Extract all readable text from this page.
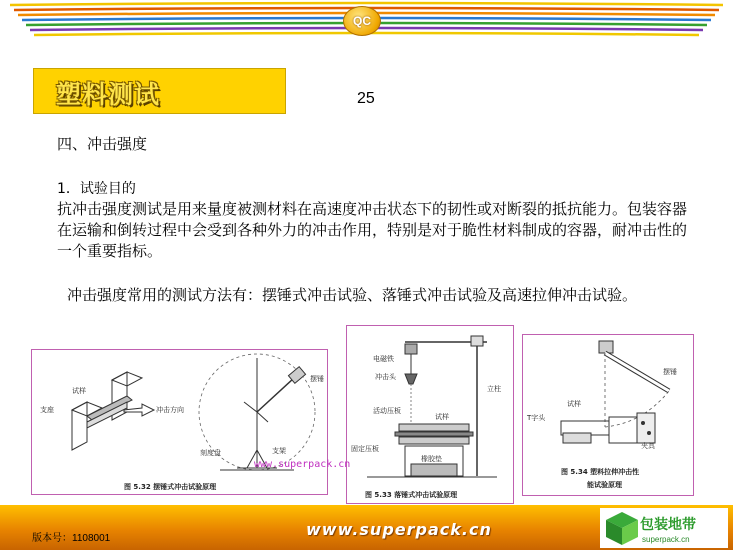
QC
塑料测试	25
四、冲击强度
1．试验目的
抗冲击强度测试是用来量度被测材料在高速度冲击状态下的韧性或对断裂的抵抗能力。包装容器在运输和倒转过程中会受到各种外力的冲击作用，特别是对于脆性材料制成的容器，耐冲击性的一个重要指标。
冲击强度常用的测试方法有：摆锤式冲击试验、落锤式冲击试验及高速拉伸冲击试验。
试样
支座	冲击方向
摆锤
刻度盘	支架
图 5.32 摆锤式冲击试验原理
电磁铁
冲击头
立柱
活动压板
试样
固定压板
橡胶垫
图 5.33 落锤式冲击试验原理
摆锤
试样
T字头
夹具
图 5.34 塑料拉伸冲击性
能试验原理
www.superpack.cn
版本号：1108001	www.superpack.cn	包装地带
superpack.cn
